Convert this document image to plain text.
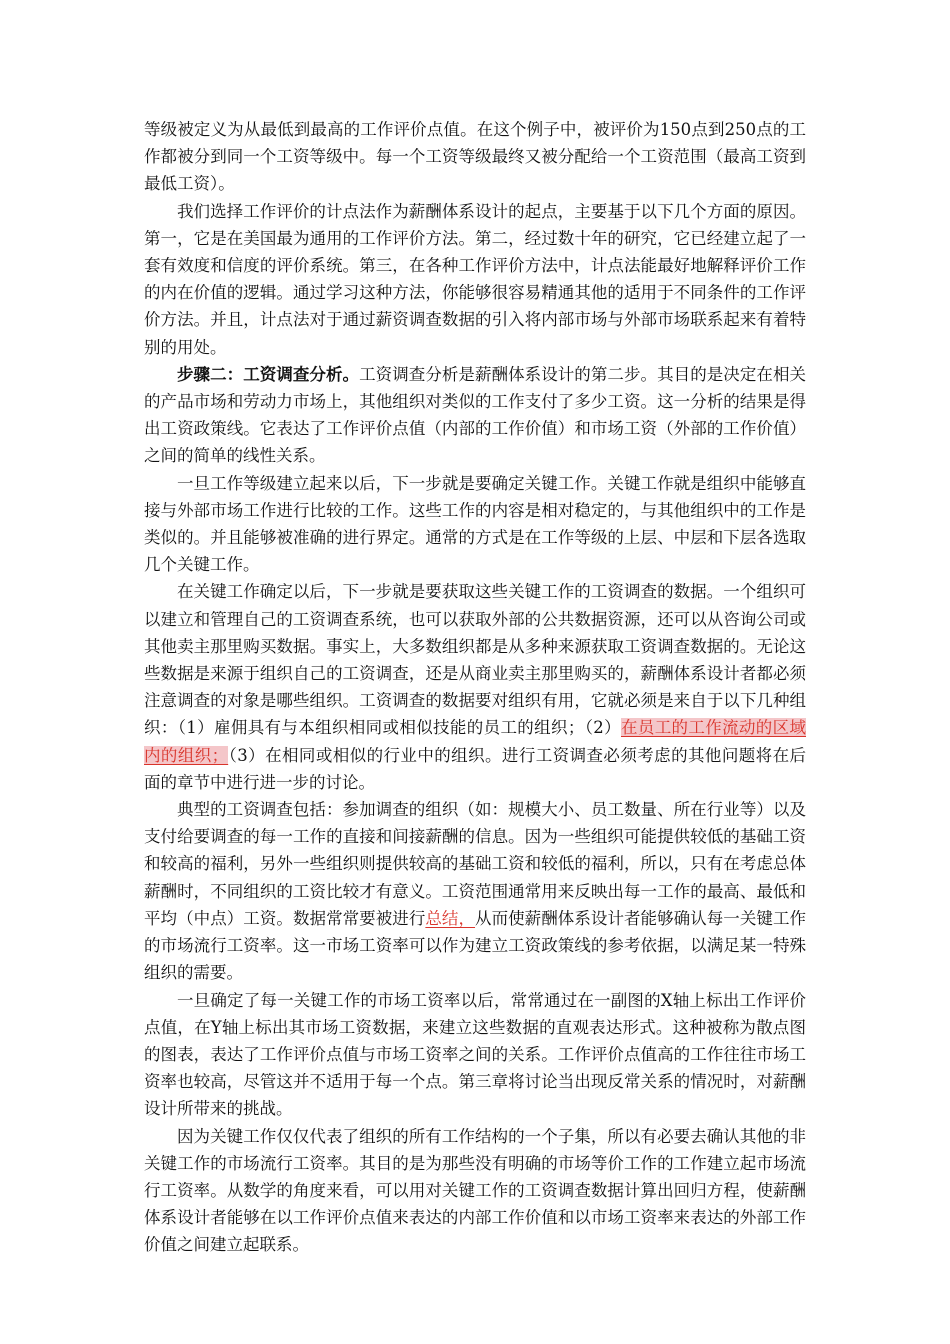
等级被定义为从最低到最高的工作评价点值。在这个例子中，被评价为150点到250点的工作都被分到同一个工资等级中。每一个工资等级最终又被分配给一个工资范围（最高工资到最低工资）。

我们选择工作评价的计点法作为薪酬体系设计的起点，主要基于以下几个方面的原因。第一，它是在美国最为通用的工作评价方法。第二，经过数十年的研究，它已经建立起了一套有效度和信度的评价系统。第三，在各种工作评价方法中，计点法能最好地解释评价工作的内在价值的逻辑。通过学习这种方法，你能够很容易精通其他的适用于不同条件的工作评价方法。并且，计点法对于通过薪资调查数据的引入将内部市场与外部市场联系起来有着特别的用处。

步骤二：工资调查分析。工资调查分析是薪酬体系设计的第二步。其目的是决定在相关的产品市场和劳动力市场上，其他组织对类似的工作支付了多少工资。这一分析的结果是得出工资政策线。它表达了工作评价点值（内部的工作价值）和市场工资（外部的工作价值）之间的简单的线性关系。

一旦工作等级建立起来以后，下一步就是要确定关键工作。关键工作就是组织中能够直接与外部市场工作进行比较的工作。这些工作的内容是相对稳定的，与其他组织中的工作是类似的。并且能够被准确的进行界定。通常的方式是在工作等级的上层、中层和下层各选取几个关键工作。

在关键工作确定以后，下一步就是要获取这些关键工作的工资调查的数据。一个组织可以建立和管理自己的工资调查系统，也可以获取外部的公共数据资源，还可以从咨询公司或其他卖主那里购买数据。事实上，大多数组织都是从多种来源获取工资调查数据的。无论这些数据是来源于组织自己的工资调查，还是从商业卖主那里购买的，薪酬体系设计者都必须注意调查的对象是哪些组织。工资调查的数据要对组织有用，它就必须是来自于以下几种组织：（1）雇佣具有与本组织相同或相似技能的员工的组织；（2）在员工的工作流动的区域内的组织；（3）在相同或相似的行业中的组织。进行工资调查必须考虑的其他问题将在后面的章节中进行进一步的讨论。

典型的工资调查包括：参加调查的组织（如：规模大小、员工数量、所在行业等）以及支付给要调查的每一工作的直接和间接薪酬的信息。因为一些组织可能提供较低的基础工资和较高的福利，另外一些组织则提供较高的基础工资和较低的福利，所以，只有在考虑总体薪酬时，不同组织的工资比较才有意义。工资范围通常用来反映出每一工作的最高、最低和平均（中点）工资。数据常常要被进行总结，从而使薪酬体系设计者能够确认每一关键工作的市场流行工资率。这一市场工资率可以作为建立工资政策线的参考依据，以满足某一特殊组织的需要。

一旦确定了每一关键工作的市场工资率以后，常常通过在一副图的X轴上标出工作评价点值，在Y轴上标出其市场工资数据，来建立这些数据的直观表达形式。这种被称为散点图的图表，表达了工作评价点值与市场工资率之间的关系。工作评价点值高的工作往往市场工资率也较高，尽管这并不适用于每一个点。第三章将讨论当出现反常关系的情况时，对薪酬设计所带来的挑战。

因为关键工作仅仅代表了组织的所有工作结构的一个子集，所以有必要去确认其他的非关键工作的市场流行工资率。其目的是为那些没有明确的市场等价工作的工作建立起市场流行工资率。从数学的角度来看，可以用对关键工作的工资调查数据计算出回归方程，使薪酬体系设计者能够在以工作评价点值来表达的内部工作价值和以市场工资率来表达的外部工作价值之间建立起联系。
